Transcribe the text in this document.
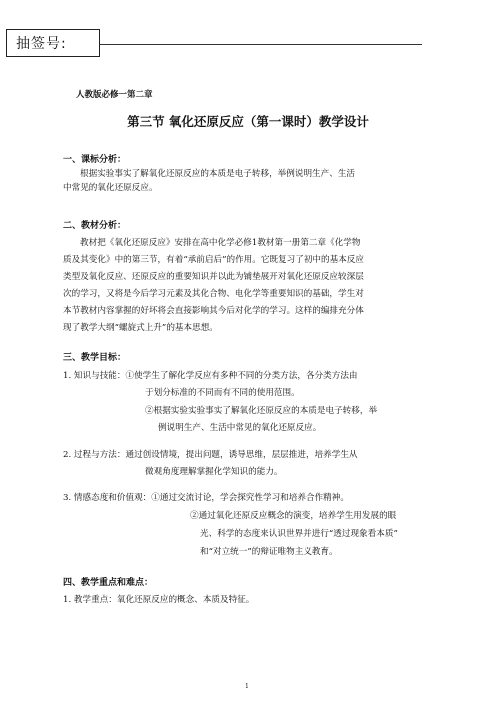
抽签号:
人教版必修一第二章
第三节 氧化还原反应（第一课时）教学设计
一、课标分析：
根据实验事实了解氧化还原反应的本质是电子转移，举例说明生产、生活
中常见的氧化还原反应。
二、教材分析：
教材把《氧化还原反应》安排在高中化学必修1教材第一册第二章《化学物
质及其变化》中的第三节，有着“承前启后”的作用。它既复习了初中的基本反应
类型及氧化反应、还原反应的重要知识并以此为铺垫展开对氧化还原反应较深层
次的学习，又将是今后学习元素及其化合物、电化学等重要知识的基础，学生对
本节教材内容掌握的好坏将会直接影响其今后对化学的学习。这样的编排充分体
现了教学大纲“螺旋式上升”的基本思想。
三、教学目标：
1. 知识与技能：①使学生了解化学反应有多种不同的分类方法，各分类方法由
于划分标准的不同而有不同的使用范围。
②根据实验实验事实了解氧化还原反应的本质是电子转移，举
例说明生产、生活中常见的氧化还原反应。
2. 过程与方法：通过创设情境，提出问题，诱导思维，层层推进，培养学生从
微观角度理解掌握化学知识的能力。
3. 情感态度和价值观：①通过交流讨论，学会探究性学习和培养合作精神。
②通过氧化还原反应概念的演变，培养学生用发展的眼
光、科学的态度来认识世界并进行“透过现象看本质”
和“对立统一”的辩证唯物主义教育。
四、教学重点和难点：
1. 教学重点：氧化还原反应的概念、本质及特征。
1
